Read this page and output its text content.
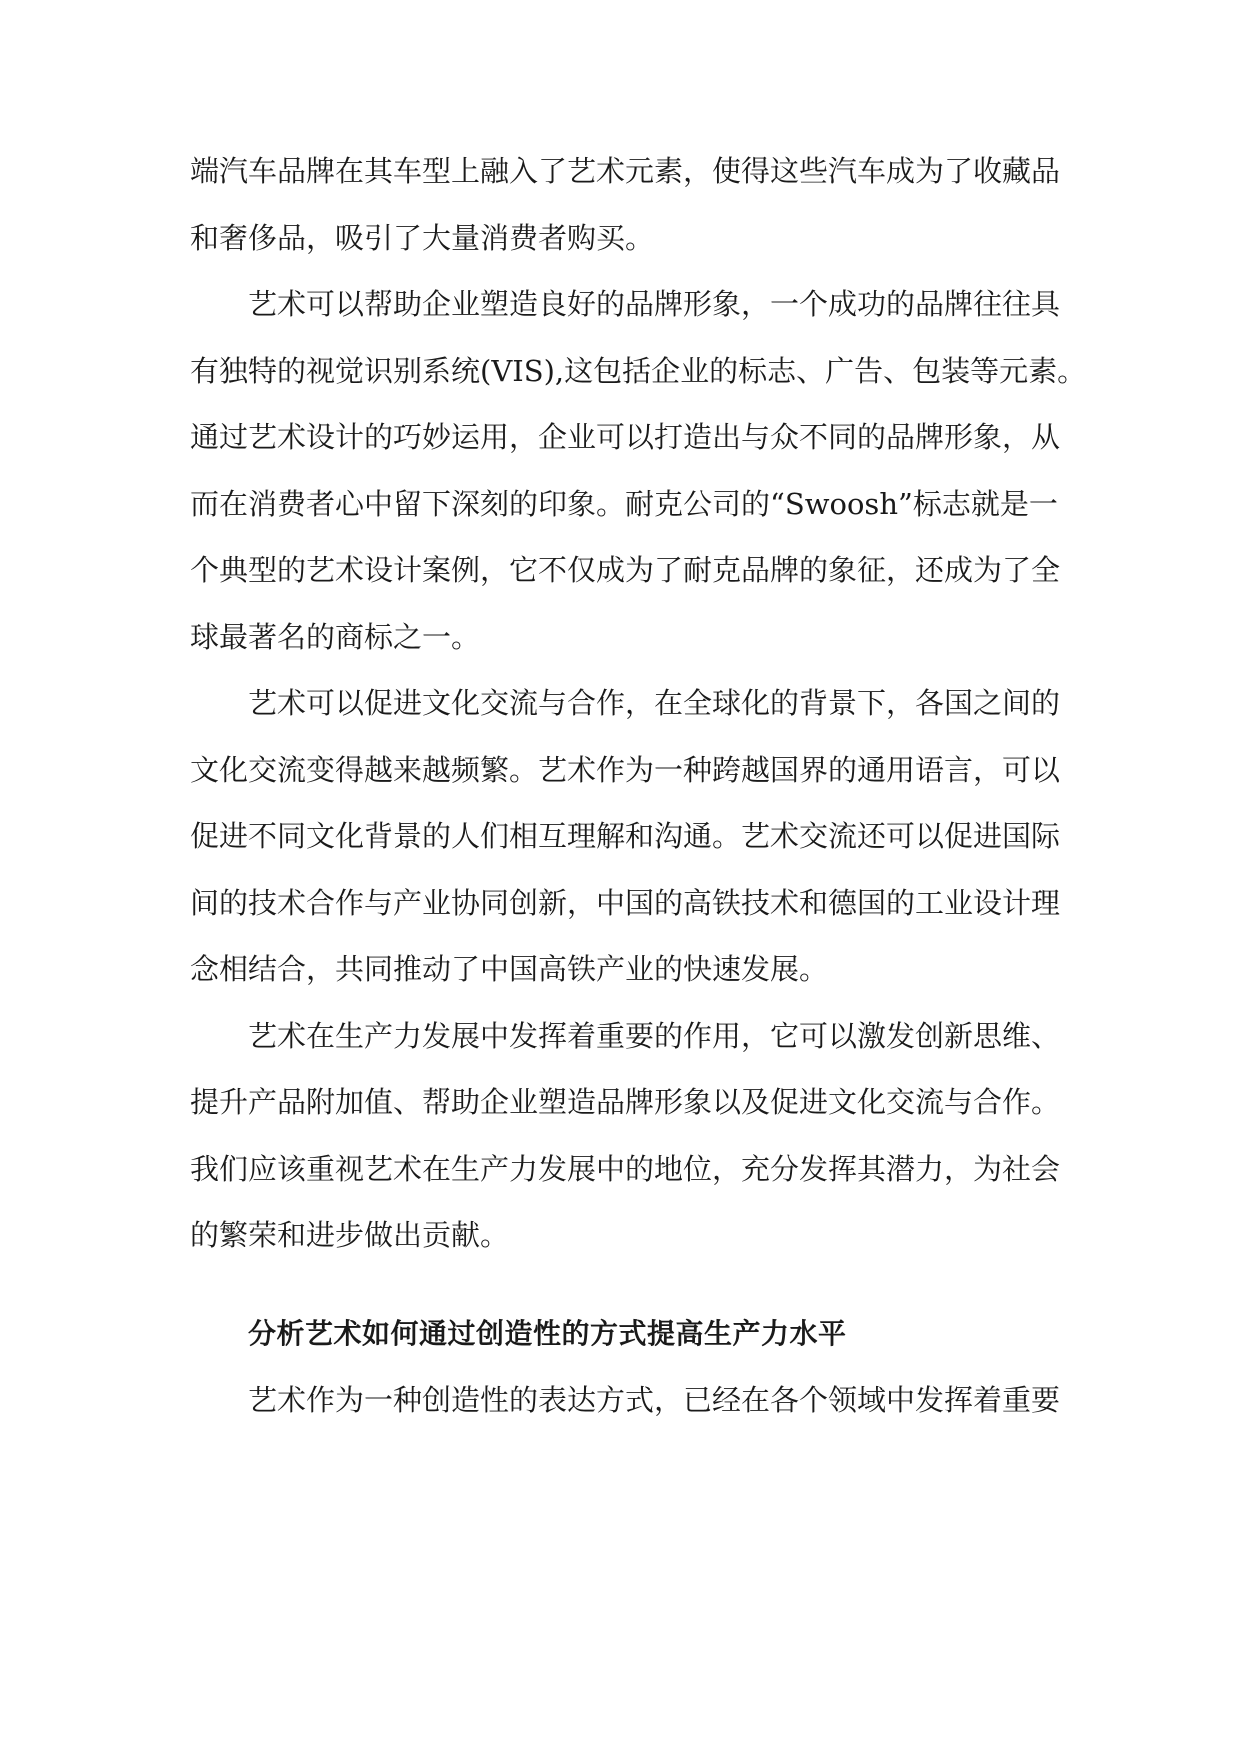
端汽车品牌在其车型上融入了艺术元素，使得这些汽车成为了收藏品
和奢侈品，吸引了大量消费者购买。
艺术可以帮助企业塑造良好的品牌形象，一个成功的品牌往往具
有独特的视觉识别系统(VIS),这包括企业的标志、广告、包装等元素。
通过艺术设计的巧妙运用，企业可以打造出与众不同的品牌形象，从
而在消费者心中留下深刻的印象。耐克公司的“Swoosh”标志就是一
个典型的艺术设计案例，它不仅成为了耐克品牌的象征，还成为了全
球最著名的商标之一。
艺术可以促进文化交流与合作，在全球化的背景下，各国之间的
文化交流变得越来越频繁。艺术作为一种跨越国界的通用语言，可以
促进不同文化背景的人们相互理解和沟通。艺术交流还可以促进国际
间的技术合作与产业协同创新，中国的高铁技术和德国的工业设计理
念相结合，共同推动了中国高铁产业的快速发展。
艺术在生产力发展中发挥着重要的作用，它可以激发创新思维、
提升产品附加值、帮助企业塑造品牌形象以及促进文化交流与合作。
我们应该重视艺术在生产力发展中的地位，充分发挥其潜力，为社会
的繁荣和进步做出贡献。
分析艺术如何通过创造性的方式提高生产力水平
艺术作为一种创造性的表达方式，已经在各个领域中发挥着重要
